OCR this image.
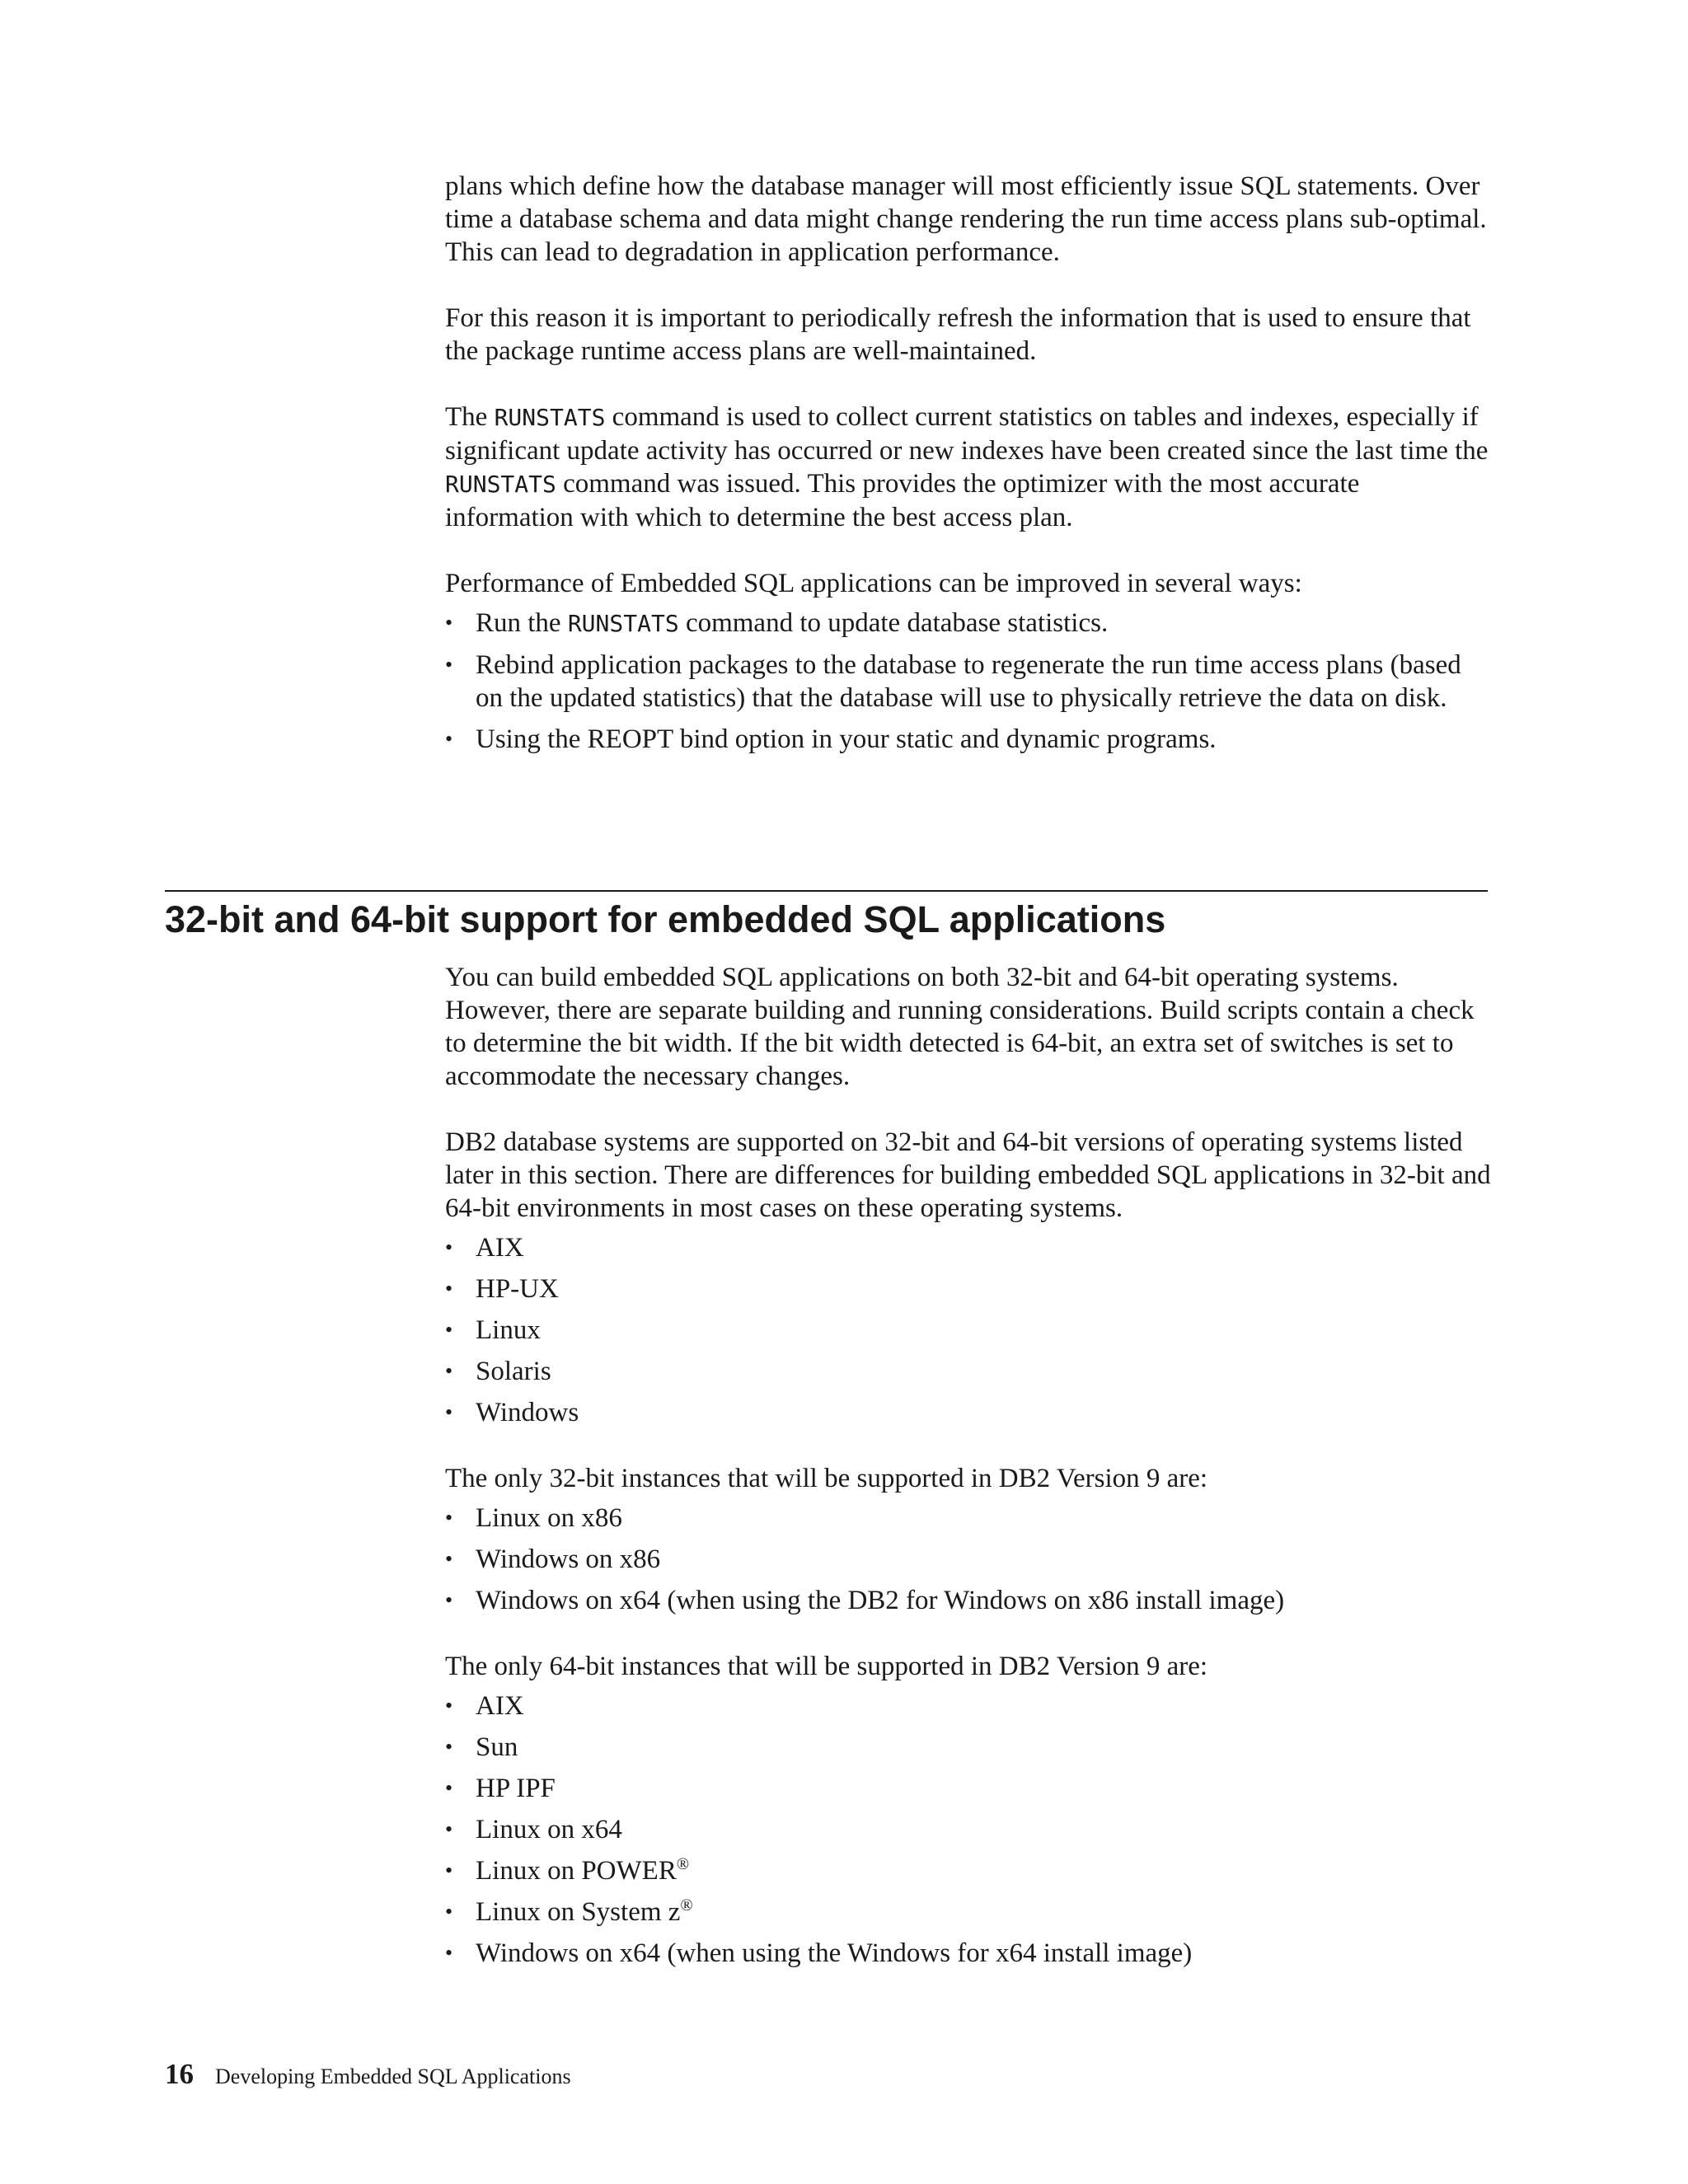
plans which define how the database manager will most efficiently issue SQL statements. Over time a database schema and data might change rendering the run time access plans sub-optimal. This can lead to degradation in application performance.

For this reason it is important to periodically refresh the information that is used to ensure that the package runtime access plans are well-maintained.

The RUNSTATS command is used to collect current statistics on tables and indexes, especially if significant update activity has occurred or new indexes have been created since the last time the RUNSTATS command was issued. This provides the optimizer with the most accurate information with which to determine the best access plan.

Performance of Embedded SQL applications can be improved in several ways:

• Run the RUNSTATS command to update database statistics.
• Rebind application packages to the database to regenerate the run time access plans (based on the updated statistics) that the database will use to physically retrieve the data on disk.
• Using the REOPT bind option in your static and dynamic programs.
32-bit and 64-bit support for embedded SQL applications

You can build embedded SQL applications on both 32-bit and 64-bit operating systems. However, there are separate building and running considerations. Build scripts contain a check to determine the bit width. If the bit width detected is 64-bit, an extra set of switches is set to accommodate the necessary changes.

DB2 database systems are supported on 32-bit and 64-bit versions of operating systems listed later in this section. There are differences for building embedded SQL applications in 32-bit and 64-bit environments in most cases on these operating systems.

• AIX
• HP-UX
• Linux
• Solaris
• Windows

The only 32-bit instances that will be supported in DB2 Version 9 are:

• Linux on x86
• Windows on x86
• Windows on x64 (when using the DB2 for Windows on x86 install image)

The only 64-bit instances that will be supported in DB2 Version 9 are:

• AIX
• Sun
• HP IPF
• Linux on x64
• Linux on POWER®
• Linux on System z®
• Windows on x64 (when using the Windows for x64 install image)
16 Developing Embedded SQL Applications
